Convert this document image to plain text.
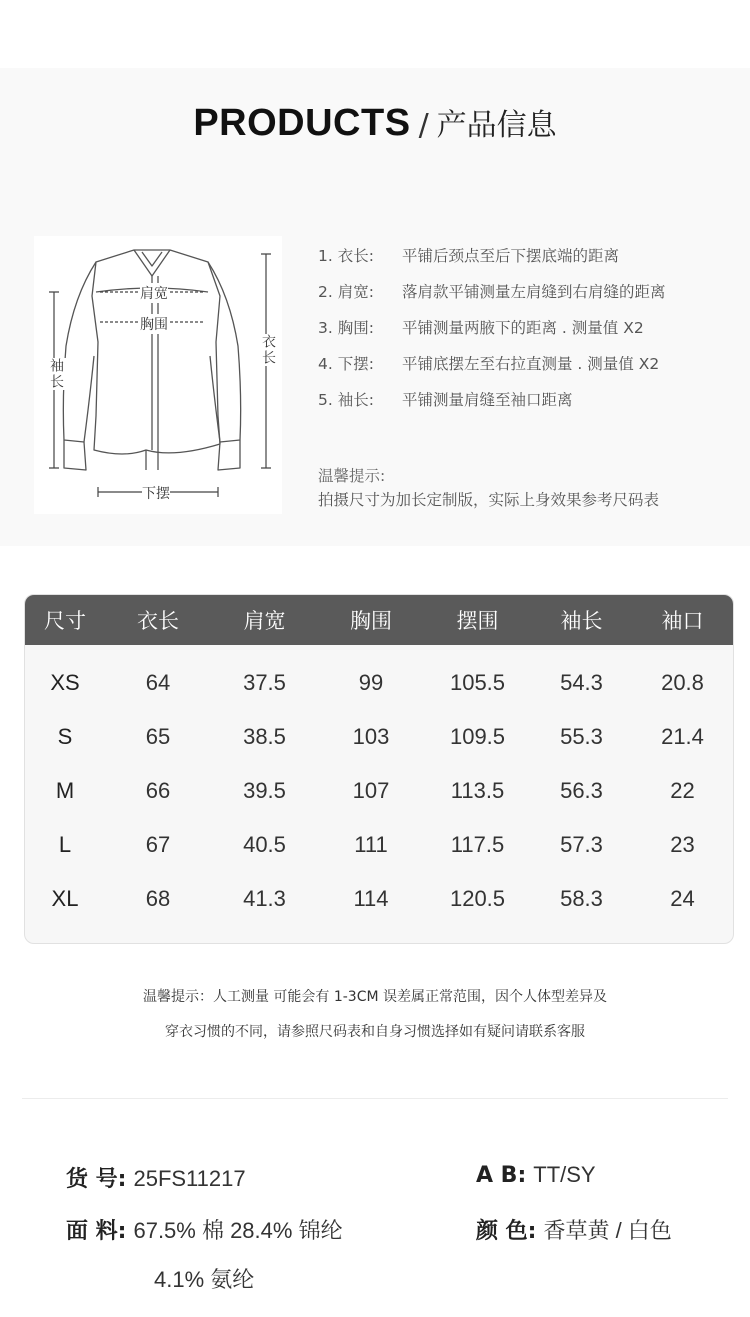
PRODUCTS / 产品信息
肩宽
胸围
衣长
袖长
下摆
1. 衣长:	平铺后颈点至后下摆底端的距离
2. 肩宽:	落肩款平铺测量左肩缝到右肩缝的距离
3. 胸围:	平铺测量两腋下的距离 . 测量值 X2
4. 下摆:	平铺底摆左至右拉直测量 . 测量值 X2
5. 袖长:	平铺测量肩缝至袖口距离
温馨提示:
拍摄尺寸为加长定制版，实际上身效果参考尺码表
尺寸	衣长	肩宽	胸围	摆围	袖长	袖口
XS	64	37.5	99	105.5	54.3	20.8
S	65	38.5	103	109.5	55.3	21.4
M	66	39.5	107	113.5	56.3	22
L	67	40.5	111	117.5	57.3	23
XL	68	41.3	114	120.5	58.3	24
温馨提示：人工测量 可能会有 1-3CM 误差属正常范围，因个人体型差异及
穿衣习惯的不同，请参照尺码表和自身习惯选择如有疑问请联系客服
货 号: 25FS11217	A B: TT/SY
面 料: 67.5% 棉 28.4% 锦纶
4.1% 氨纶
颜 色: 香草黄 / 白色
